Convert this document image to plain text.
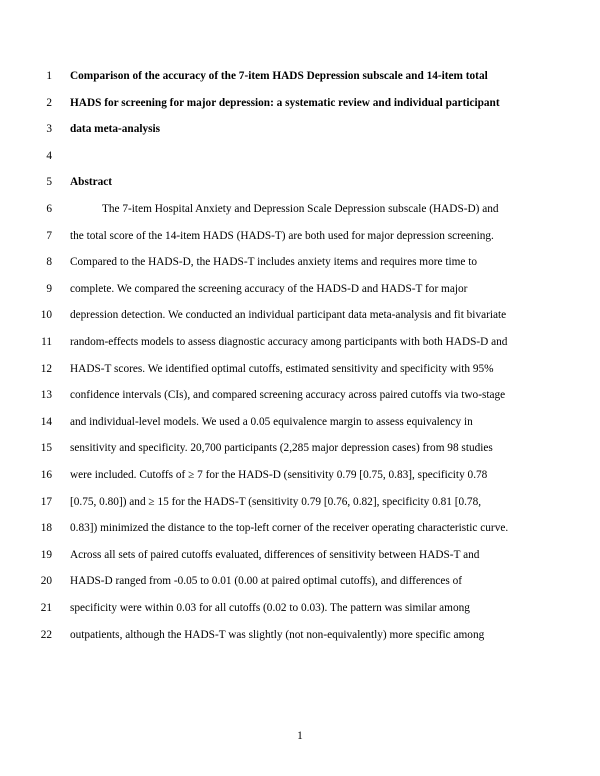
1 Comparison of the accuracy of the 7-item HADS Depression subscale and 14-item total
2 HADS for screening for major depression: a systematic review and individual participant
3 data meta-analysis
4
5 Abstract
6	The 7-item Hospital Anxiety and Depression Scale Depression subscale (HADS-D) and
7 the total score of the 14-item HADS (HADS-T) are both used for major depression screening.
8 Compared to the HADS-D, the HADS-T includes anxiety items and requires more time to
9 complete. We compared the screening accuracy of the HADS-D and HADS-T for major
10 depression detection. We conducted an individual participant data meta-analysis and fit bivariate
11 random-effects models to assess diagnostic accuracy among participants with both HADS-D and
12 HADS-T scores. We identified optimal cutoffs, estimated sensitivity and specificity with 95%
13 confidence intervals (CIs), and compared screening accuracy across paired cutoffs via two-stage
14 and individual-level models. We used a 0.05 equivalence margin to assess equivalency in
15 sensitivity and specificity. 20,700 participants (2,285 major depression cases) from 98 studies
16 were included. Cutoffs of ≥ 7 for the HADS-D (sensitivity 0.79 [0.75, 0.83], specificity 0.78
17 [0.75, 0.80]) and ≥ 15 for the HADS-T (sensitivity 0.79 [0.76, 0.82], specificity 0.81 [0.78,
18 0.83]) minimized the distance to the top-left corner of the receiver operating characteristic curve.
19 Across all sets of paired cutoffs evaluated, differences of sensitivity between HADS-T and
20 HADS-D ranged from -0.05 to 0.01 (0.00 at paired optimal cutoffs), and differences of
21 specificity were within 0.03 for all cutoffs (0.02 to 0.03). The pattern was similar among
22 outpatients, although the HADS-T was slightly (not non-equivalently) more specific among
1
